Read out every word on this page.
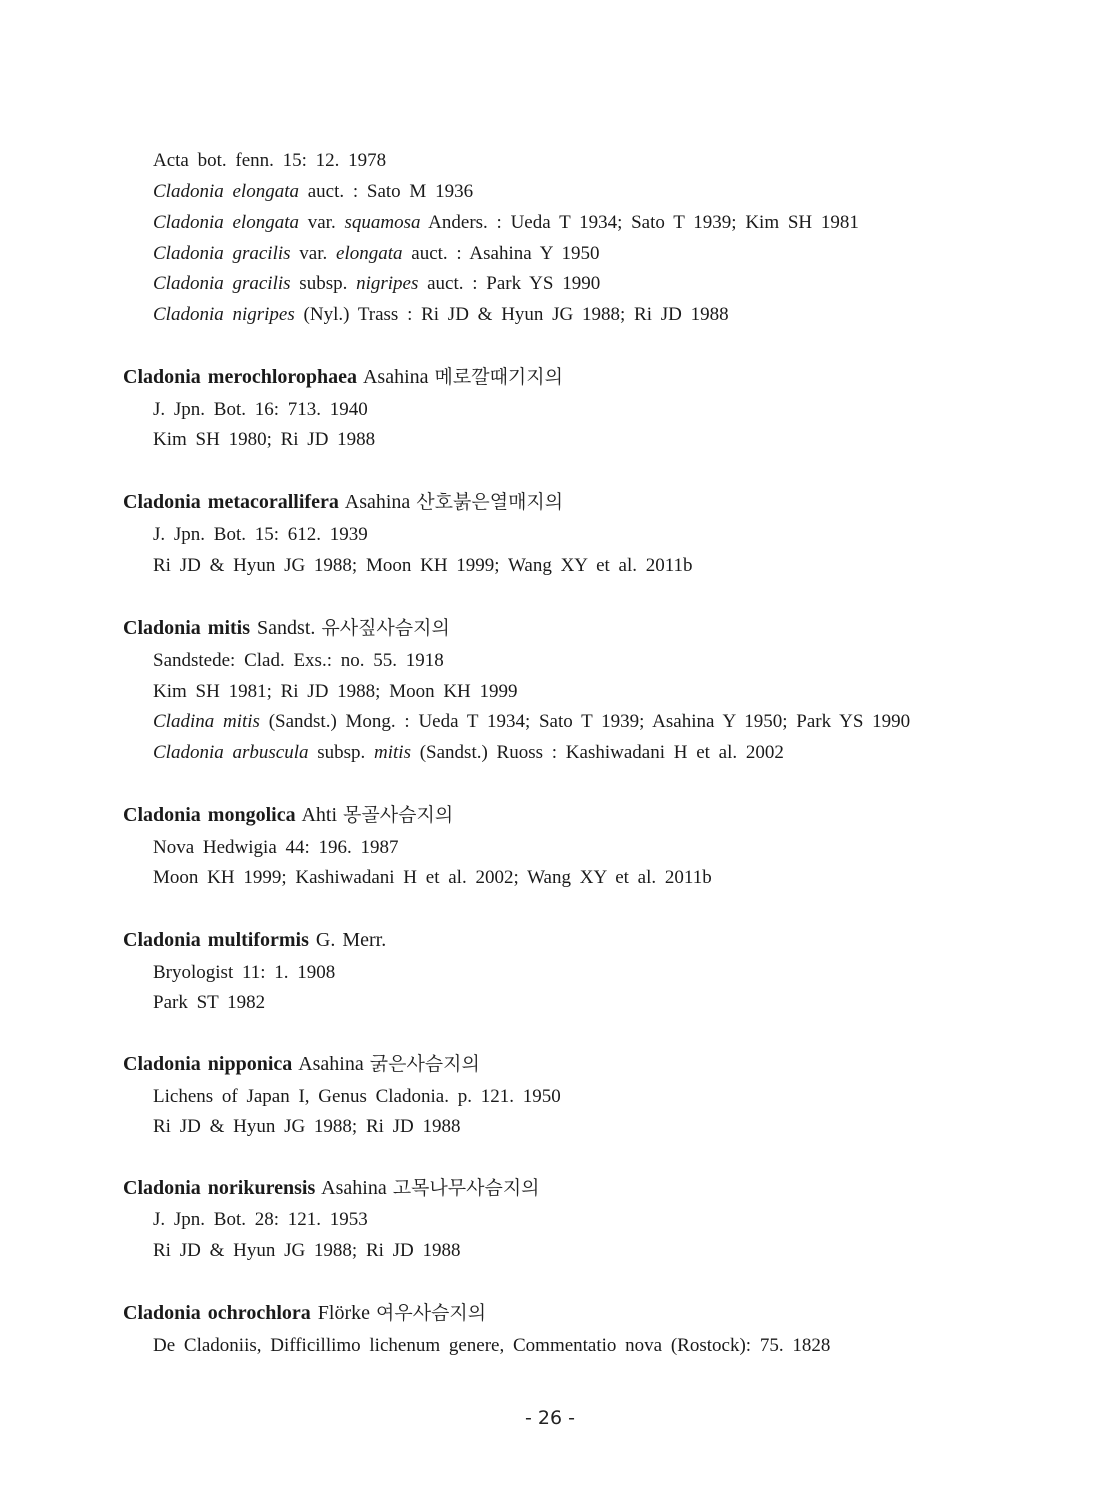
Acta bot. fenn. 15: 12. 1978
Cladonia elongata auct. : Sato M 1936
Cladonia elongata var. squamosa Anders. : Ueda T 1934; Sato T 1939; Kim SH 1981
Cladonia gracilis var. elongata auct. : Asahina Y 1950
Cladonia gracilis subsp. nigripes auct. : Park YS 1990
Cladonia nigripes (Nyl.) Trass : Ri JD & Hyun JG 1988; Ri JD 1988
Cladonia merochlorophaea Asahina 메로깔때기지의
J. Jpn. Bot. 16: 713. 1940
Kim SH 1980; Ri JD 1988
Cladonia metacorallifera Asahina 산호붉은열매지의
J. Jpn. Bot. 15: 612. 1939
Ri JD & Hyun JG 1988; Moon KH 1999; Wang XY et al. 2011b
Cladonia mitis Sandst. 유사짚사슴지의
Sandstede: Clad. Exs.: no. 55. 1918
Kim SH 1981; Ri JD 1988; Moon KH 1999
Cladina mitis (Sandst.) Mong. : Ueda T 1934; Sato T 1939; Asahina Y 1950; Park YS 1990
Cladonia arbuscula subsp. mitis (Sandst.) Ruoss : Kashiwadani H et al. 2002
Cladonia mongolica Ahti 몽골사슴지의
Nova Hedwigia 44: 196. 1987
Moon KH 1999; Kashiwadani H et al. 2002; Wang XY et al. 2011b
Cladonia multiformis G. Merr.
Bryologist 11: 1. 1908
Park ST 1982
Cladonia nipponica Asahina 굵은사슴지의
Lichens of Japan I, Genus Cladonia. p. 121. 1950
Ri JD & Hyun JG 1988; Ri JD 1988
Cladonia norikurensis Asahina 고목나무사슴지의
J. Jpn. Bot. 28: 121. 1953
Ri JD & Hyun JG 1988; Ri JD 1988
Cladonia ochrochlora Flörke 여우사슴지의
De Cladoniis, Difficillimo lichenum genere, Commentatio nova (Rostock): 75. 1828
- 26 -
